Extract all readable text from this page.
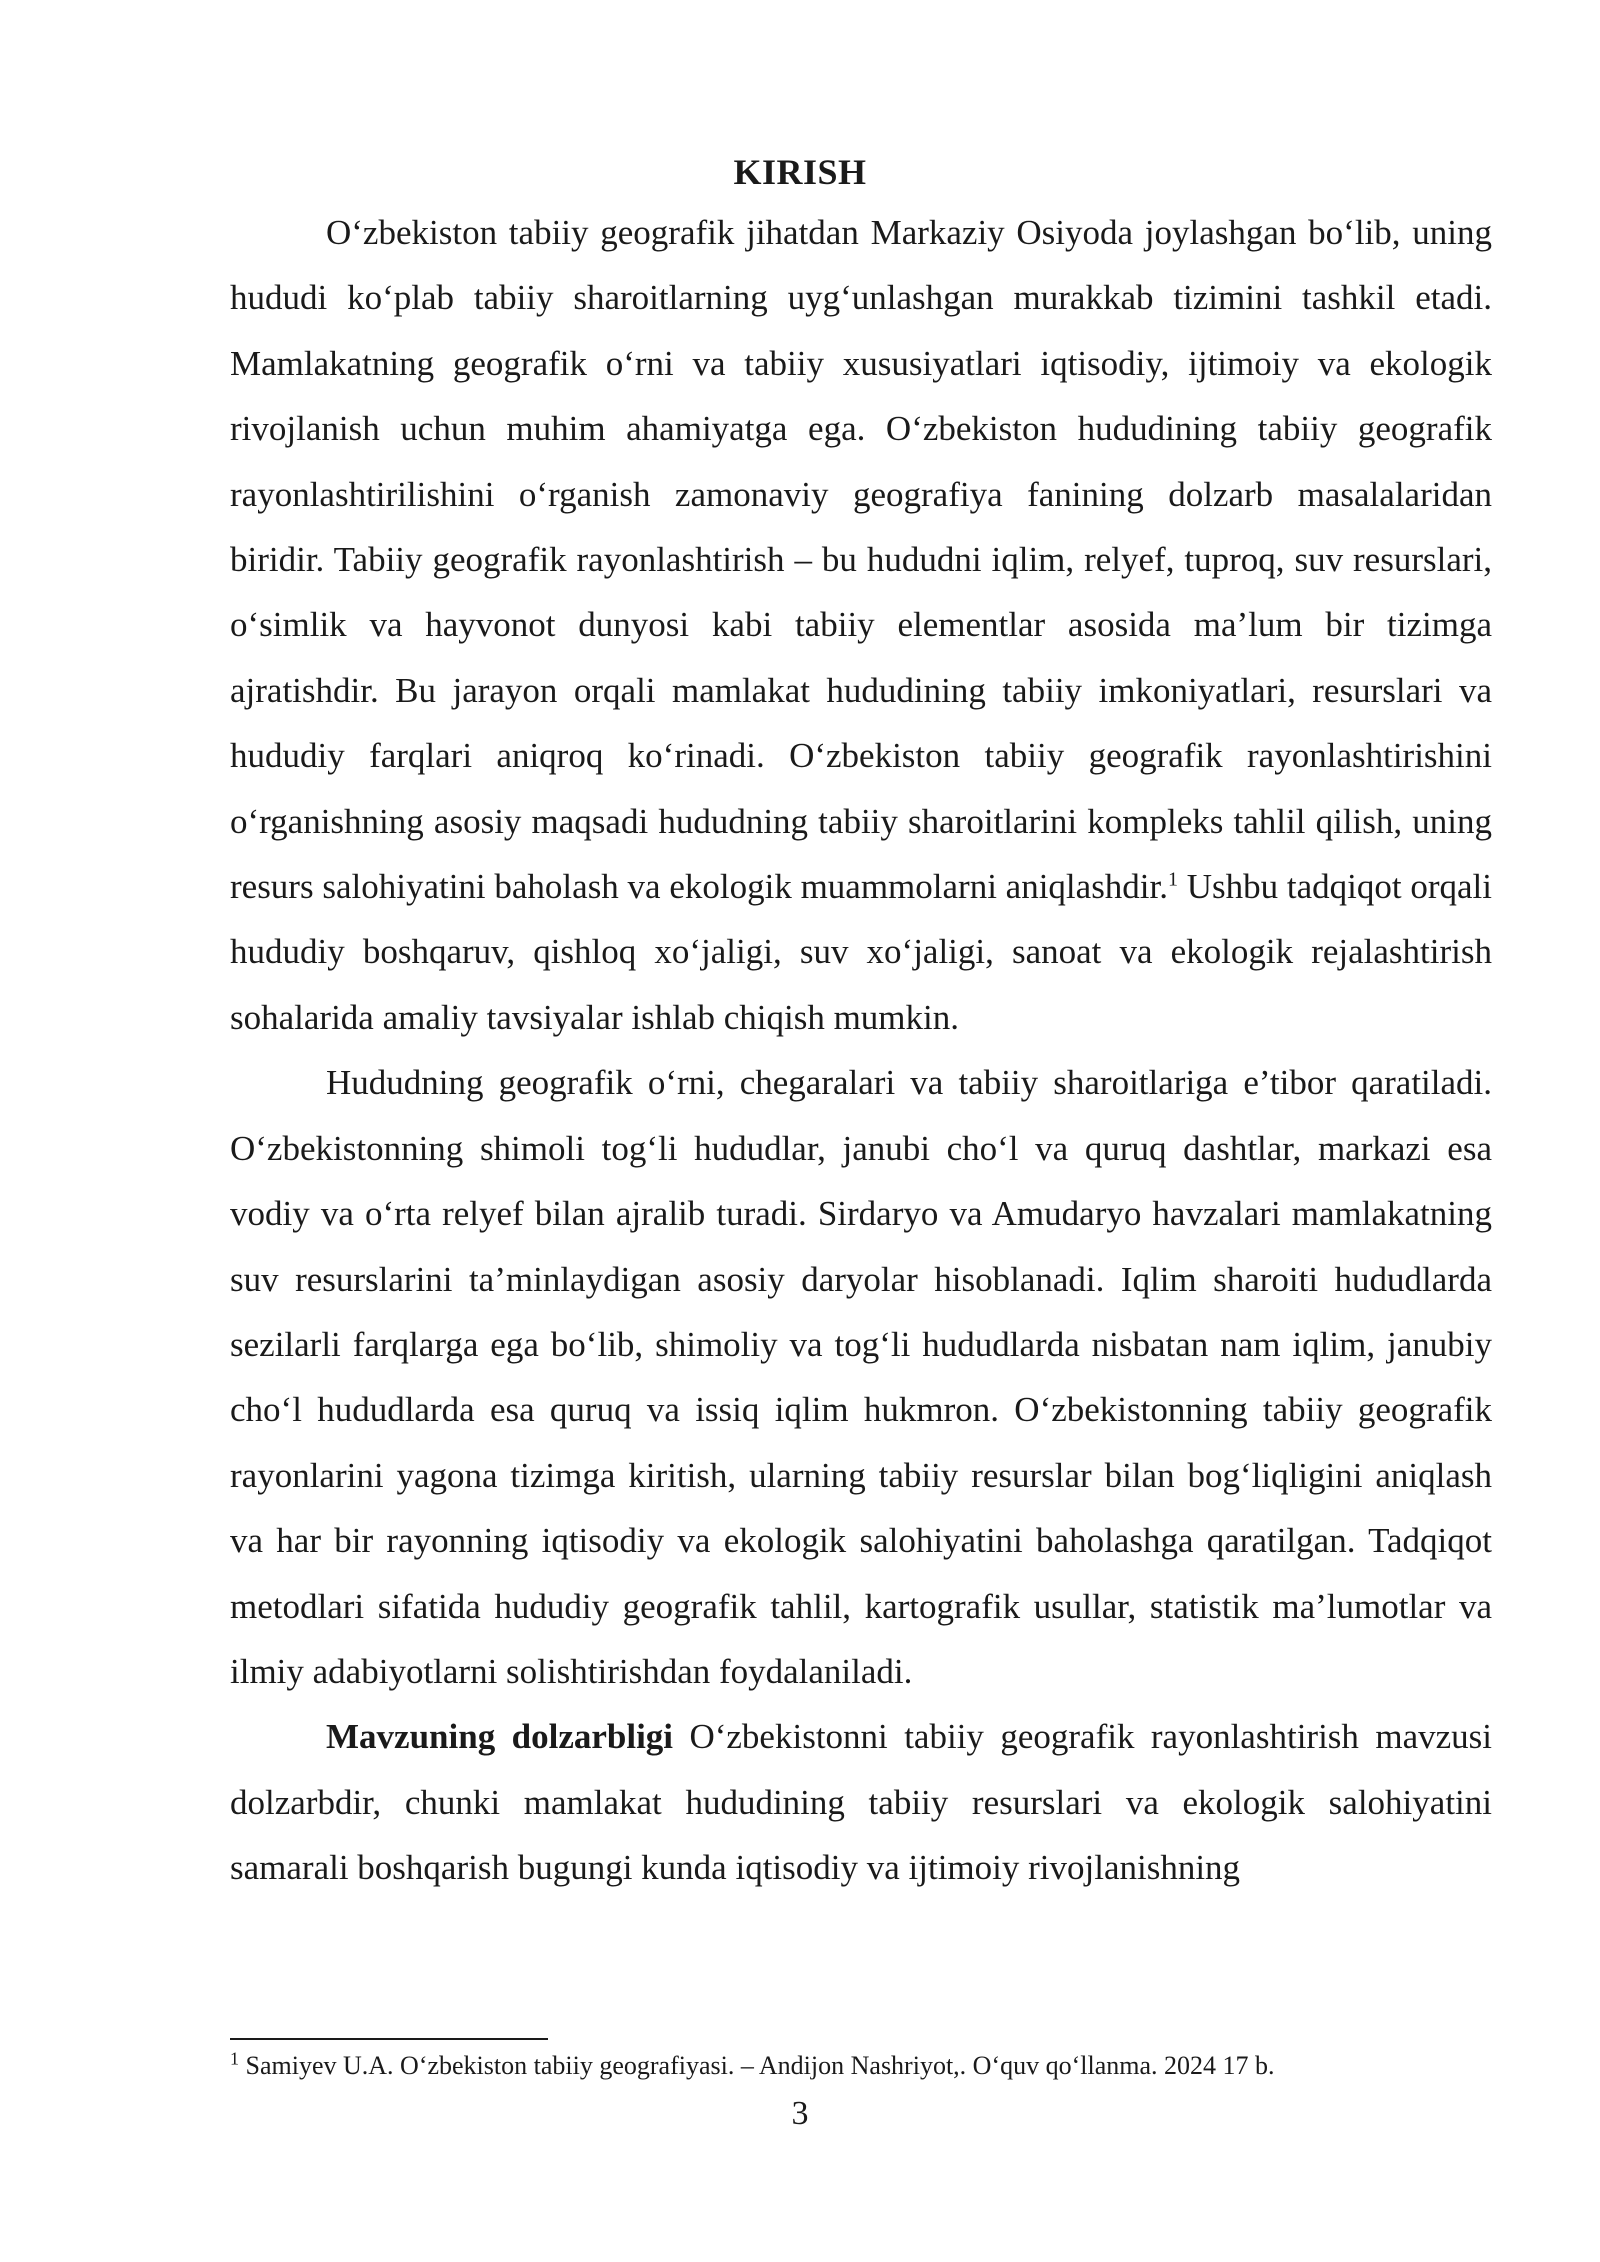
KIRISH

O‘zbekiston tabiiy geografik jihatdan Markaziy Osiyoda joylashgan bo‘lib, uning hududi ko‘plab tabiiy sharoitlarning uyg‘unlashgan murakkab tizimini tashkil etadi. Mamlakatning geografik o‘rni va tabiiy xususiyatlari iqtisodiy, ijtimoiy va ekologik rivojlanish uchun muhim ahamiyatga ega. O‘zbekiston hududining tabiiy geografik rayonlashtirilishini o‘rganish zamonaviy geografiya fanining dolzarb masalalaridan biridir. Tabiiy geografik rayonlashtirish – bu hududni iqlim, relyef, tuproq, suv resurslari, o‘simlik va hayvonot dunyosi kabi tabiiy elementlar asosida ma’lum bir tizimga ajratishdir. Bu jarayon orqali mamlakat hududining tabiiy imkoniyatlari, resurslari va hududiy farqlari aniqroq ko‘rinadi. O‘zbekiston tabiiy geografik rayonlashtirishini o‘rganishning asosiy maqsadi hududning tabiiy sharoitlarini kompleks tahlil qilish, uning resurs salohiyatini baholash va ekologik muammolarni aniqlashdir.$^1$ Ushbu tadqiqot orqali hududiy boshqaruv, qishloq xo‘jaligi, suv xo‘jaligi, sanoat va ekologik rejalashtirish sohalarida amaliy tavsiyalar ishlab chiqish mumkin.

Hududning geografik o‘rni, chegaralari va tabiiy sharoitlariga e’tibor qaratiladi. O‘zbekistonning shimoli tog‘li hududlar, janubi cho‘l va quruq dashtlar, markazi esa vodiy va o‘rta relyef bilan ajralib turadi. Sirdaryo va Amudaryo havzalari mamlakatning suv resurslarini ta’minlaydigan asosiy daryolar hisoblanadi. Iqlim sharoiti hududlarda sezilarli farqlarga ega bo‘lib, shimoliy va tog‘li hududlarda nisbatan nam iqlim, janubiy cho‘l hududlarda esa quruq va issiq iqlim hukmron. O‘zbekistonning tabiiy geografik rayonlarini yagona tizimga kiritish, ularning tabiiy resurslar bilan bog‘liqligini aniqlash va har bir rayonning iqtisodiy va ekologik salohiyatini baholashga qaratilgan. Tadqiqot metodlari sifatida hududiy geografik tahlil, kartografik usullar, statistik ma’lumotlar va ilmiy adabiyotlarni solishtirishdan foydalaniladi.

Mavzuning dolzarbligi O‘zbekistonni tabiiy geografik rayonlashtirish mavzusi dolzarbdir, chunki mamlakat hududining tabiiy resurslari va ekologik salohiyatini samarali boshqarish bugungi kunda iqtisodiy va ijtimoiy rivojlanishning

$^1$ Samiyev U.A. O‘zbekiston tabiiy geografiyasi. – Andijon Nashriyot,. O‘quv qo‘llanma. 2024 17 b.
3
